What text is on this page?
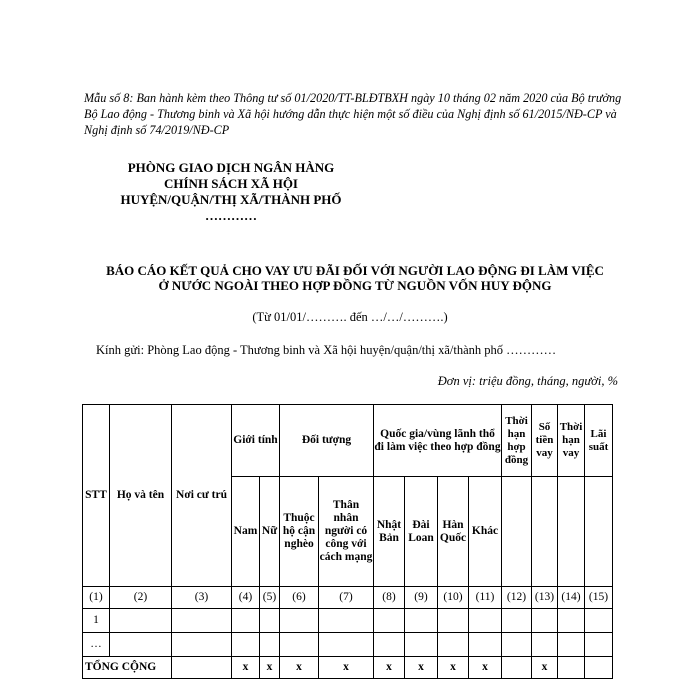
Mẫu số 8: Ban hành kèm theo Thông tư số 01/2020/TT-BLĐTBXH ngày 10 tháng 02 năm 2020 của Bộ trưởng Bộ Lao động - Thương binh và Xã hội hướng dẫn thực hiện một số điều của Nghị định số 61/2015/NĐ-CP và Nghị định số 74/2019/NĐ-CP
PHÒNG GIAO DỊCH NGÂN HÀNG
CHÍNH SÁCH XÃ HỘI
HUYỆN/QUẬN/THỊ XÃ/THÀNH PHỐ
…………
BÁO CÁO KẾT QUẢ CHO VAY ƯU ĐÃI ĐỐI VỚI NGƯỜI LAO ĐỘNG ĐI LÀM VIỆC
Ở NƯỚC NGOÀI THEO HỢP ĐỒNG TỪ NGUỒN VỐN HUY ĐỘNG
(Từ 01/01/………. đến …/…/……….)
Kính gửi: Phòng Lao động - Thương binh và Xã hội huyện/quận/thị xã/thành phố …………
Đơn vị: triệu đồng, tháng, người, %
STT	Họ và tên	Nơi cư trú	Giới tính		Đối tượng		Quốc gia/vùng lãnh thổ đi làm việc theo hợp đồng				Thời hạn hợp đồng	Số tiền vay	Thời hạn vay	Lãi suất
			Nam	Nữ	Thuộc hộ cận nghèo	Thân nhân người có công với cách mạng	Nhật Bản	Đài Loan	Hàn Quốc	Khác				
(1)	(2)	(3)	(4)	(5)	(6)	(7)	(8)	(9)	(10)	(11)	(12)	(13)	(14)	(15)
1														
…														
TỔNG CỘNG			x	x	x	x	x	x	x	x		x		
